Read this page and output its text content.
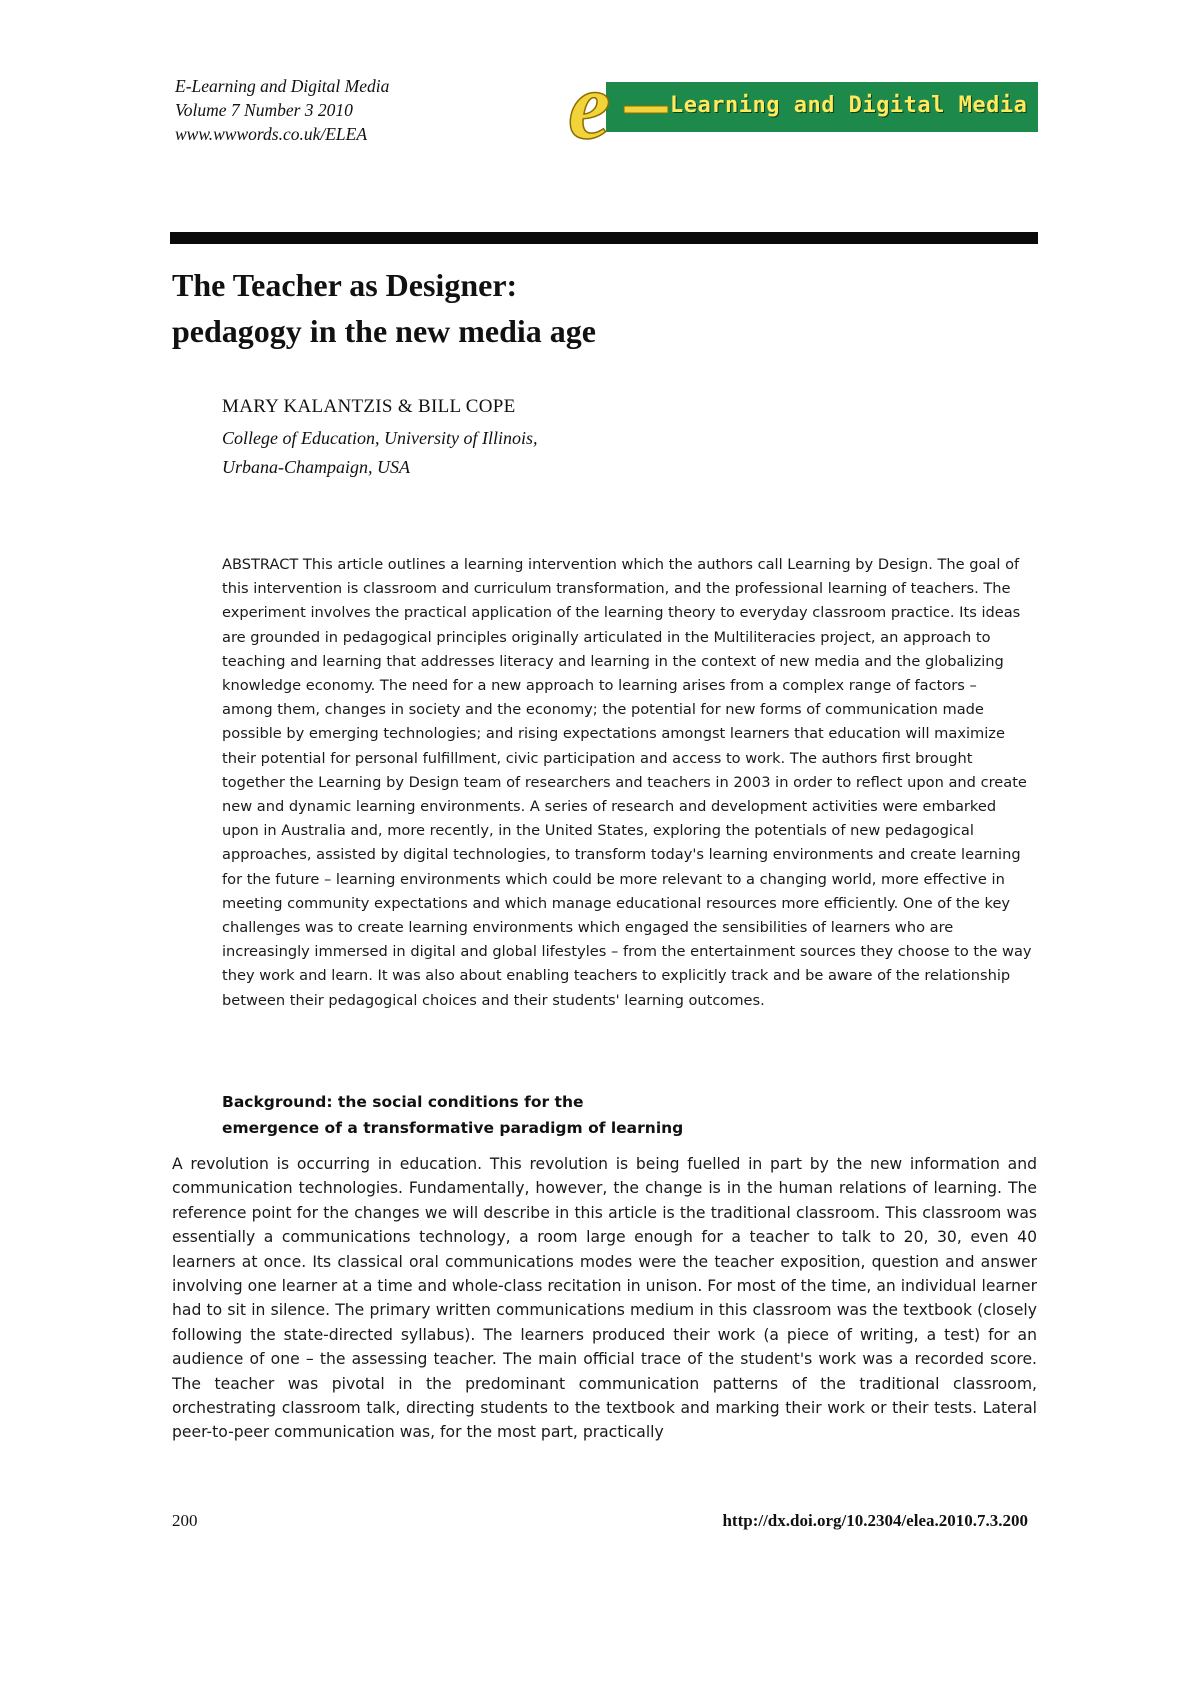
E-Learning and Digital Media
Volume 7 Number 3 2010
www.wwwords.co.uk/ELEA e	Learning and Digital Media
The Teacher as Designer:
pedagogy in the new media age
MARY KALANTZIS & BILL COPE
College of Education, University of Illinois,
Urbana-Champaign, USA

ABSTRACT This article outlines a learning intervention which the authors call Learning by Design. The goal of this intervention is classroom and curriculum transformation, and the professional learning of teachers. The experiment involves the practical application of the learning theory to everyday classroom practice. Its ideas are grounded in pedagogical principles originally articulated in the Multiliteracies project, an approach to teaching and learning that addresses literacy and learning in the context of new media and the globalizing knowledge economy. The need for a new approach to learning arises from a complex range of factors – among them, changes in society and the economy; the potential for new forms of communication made possible by emerging technologies; and rising expectations amongst learners that education will maximize their potential for personal fulfillment, civic participation and access to work. The authors first brought together the Learning by Design team of researchers and teachers in 2003 in order to reflect upon and create new and dynamic learning environments. A series of research and development activities were embarked upon in Australia and, more recently, in the United States, exploring the potentials of new pedagogical approaches, assisted by digital technologies, to transform today's learning environments and create learning for the future – learning environments which could be more relevant to a changing world, more effective in meeting community expectations and which manage educational resources more efficiently. One of the key challenges was to create learning environments which engaged the sensibilities of learners who are increasingly immersed in digital and global lifestyles – from the entertainment sources they choose to the way they work and learn. It was also about enabling teachers to explicitly track and be aware of the relationship between their pedagogical choices and their students' learning outcomes.

Background: the social conditions for the
emergence of a transformative paradigm of learning

A revolution is occurring in education. This revolution is being fuelled in part by the new information and communication technologies. Fundamentally, however, the change is in the human relations of learning. The reference point for the changes we will describe in this article is the traditional classroom. This classroom was essentially a communications technology, a room large enough for a teacher to talk to 20, 30, even 40 learners at once. Its classical oral communications modes were the teacher exposition, question and answer involving one learner at a time and whole-class recitation in unison. For most of the time, an individual learner had to sit in silence. The primary written communications medium in this classroom was the textbook (closely following the state-directed syllabus). The learners produced their work (a piece of writing, a test) for an audience of one – the assessing teacher. The main official trace of the student's work was a recorded score. The teacher was pivotal in the predominant communication patterns of the traditional classroom, orchestrating classroom talk, directing students to the textbook and marking their work or their tests. Lateral peer-to-peer communication was, for the most part, practically

200	http://dx.doi.org/10.2304/elea.2010.7.3.200
